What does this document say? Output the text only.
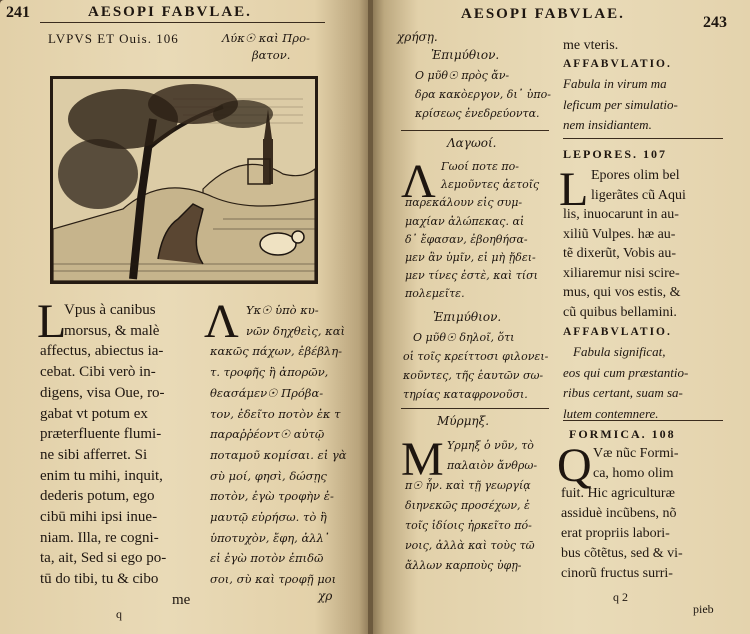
241	AESOPI FABVLAE.
LVPVS ET Ouis. 106	Λύκ☉ καὶ Προ-
βατον.
L
Vpus à canibus
morsus, & malè
affectus, abiectus ia-
cebat. Cibi verò in-
digens, visa Oue, ro-
gabat vt potum ex
præterfluente flumi-
ne sibi afferret. Si
enim tu mihi, inquit,
dederis potum, ego
cibū mihi ipsi inue-
niam. Illa, re cogni-
ta, ait, Sed si ego po-
tū do tibi, tu & cibo
me
Λ Υκ☉ ὑπὸ κυ-
νῶν δηχθεὶς, καὶ
κακῶς πάχων, ἐβέβλη-
τ. τροφῆς ἢ ἀπορῶν,
θεασάμεν☉ Πρόβα-
τον, ἐδεῖτο ποτὸν ἐκ τ
παραῤῥέοντ☉ αὐτῷ
ποταμοῦ κομίσαι. εἰ γὰ
σὺ μοί, φησὶ, δώσῃς
ποτὸν, ἐγὼ τροφὴν ἐ-
μαυτῷ εὑρήσω. τὸ ἢ
ὑποτυχὸν, ἔφη, ἀλλ᾽
εἰ ἐγὼ ποτὸν ἐπιδῶ
σοι, σὺ καὶ τροφῇ μοι
q
χρ
AESOPI FABVLAE.	243
χρήσῃ.
Ἐπιμύθιον.
Ο μῦθ☉ πρὸς ἄν-
δρα κακὸεργον, δι᾽ ὑπο-
κρίσεως ἐνεδρεύοντα.
Λαγωοί.
Λ Γωοί ποτε πο-
λεμοῦντες ἀετοῖς
παρεκάλουν εἰς συμ-
μαχίαν ἀλώπεκας. αἱ
δ᾽ ἔφασαν, ἐβοηθήσα-
μεν ἂν ὑμῖν, εἰ μὴ ᾔδει-
μεν τίνες ἐστὲ, καὶ τίσι
πολεμεῖτε.
Ἐπιμύθιον.
Ο μῦθ☉ δηλοῖ, ὅτι
οἱ τοῖς κρείττοσι φιλονει-
κοῦντες, τῆς ἑαυτῶν σω-
τηρίας καταφρονοῦσι.
Μύρμηξ.
Μ Υρμηξ ὁ νῦν, τὸ
παλαιὸν ἄνθρω-
π☉ ἦν. καὶ τῇ γεωργίᾳ
διηνεκῶς προσέχων, ἐ
τοῖς ἰδίοις ἠρκεῖτο πό-
νοις, ἀλλὰ καὶ τοὺς τῶ
ἄλλων καρποὺς ὑφῃ-
me vteris.
AFFABVLATIO.
Fabula in virum ma
leficum per simulatio-
nem insidiantem.
LEPORES. 107
L Epores olim bel
ligerãtes cũ Aqui
lis, inuocarunt in au-
xiliũ Vulpes. hæ au-
tẽ dixerũt, Vobis au-
xiliaremur nisi scire-
mus, qui vos estis, &
cũ quibus bellamini.
AFFABVLATIO.
Fabula significat,
eos qui cum præstantio-
ribus certant, suam sa-
lutem contemnere.
FORMICA. 108
Q Væ nũc Formi-
ca, homo olim
fuit. Hic agriculturæ
assiduè incũbens, nõ
erat propriis labori-
bus cõtẽtus, sed & vi-
cinorũ fructus surri-
q 2
pieb
